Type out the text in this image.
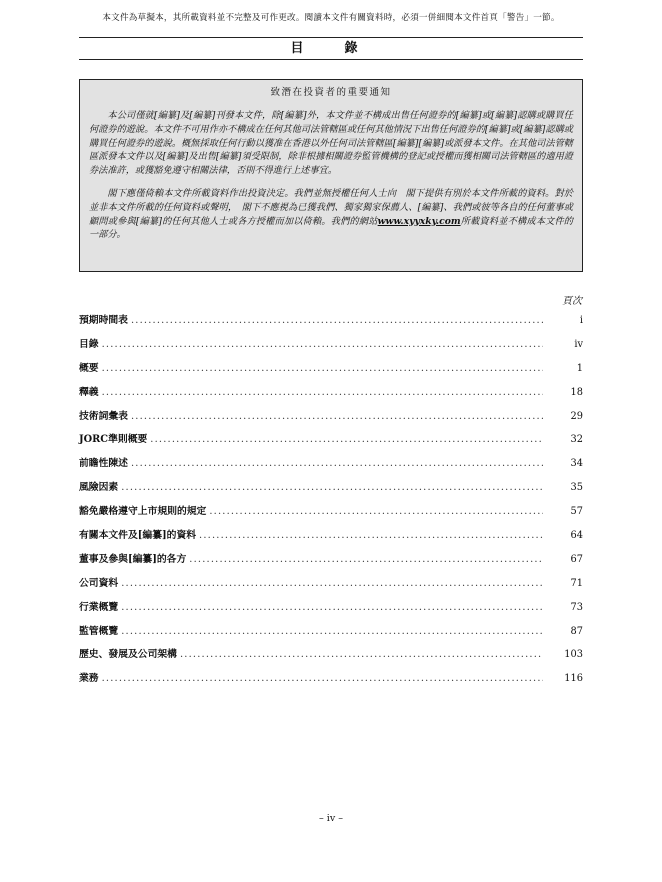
本文件為草擬本，其所載資料並不完整及可作更改。閱讀本文件有關資料時，必須一併細閱本文件首頁「警告」一節。
目　錄
致潛在投資者的重要通知

本公司僅就[編纂]及[編纂]刊發本文件，除[編纂]外，本文件並不構成出售任何證券的[編纂]或[編纂]認購或購買任何證券的遊說。本文件不可用作亦不構成在任何其他司法管轄區或任何其他情況下出售任何證券的[編纂]或[編纂]認購或購買任何證券的遊說。概無採取任何行動以獲准在香港以外任何司法管轄區[編纂][編纂]或派發本文件。在其他司法管轄區派發本文件以及[編纂]及出售[編纂]須受限制，除非根據相關證券監管機構的登記或授權而獲相關司法管轄區的適用證券法准許，或獲豁免遵守相關法律，否則不得進行上述事宜。

閣下應僅倚賴本文件所載資料作出投資決定。我們並無授權任何人士向　閣下提供有別於本文件所載的資料。對於並非本文件所載的任何資料或聲明，　閣下不應視為已獲我們、獨家獨家保薦人、[編纂]、我們或彼等各自的任何董事或顧問或參與[編纂]的任何其他人士或各方授權而加以倚賴。我們的網站www.xyyxky.com所載資料並不構成本文件的一部分。

頁次
預期時間表 .....	i
目錄 .....	iv
概要 .....	1
釋義 .....	18
技術詞彙表 .....	29
JORC準則概要 .....	32
前瞻性陳述 .....	34
風險因素 .....	35
豁免嚴格遵守上市規則的規定 .....	57
有關本文件及[編纂]的資料 .....	64
董事及參與[編纂]的各方 .....	67
公司資料 .....	71
行業概覽 .....	73
監管概覽 .....	87
歷史、發展及公司架構 .....	103
業務 .....	116
– iv –
